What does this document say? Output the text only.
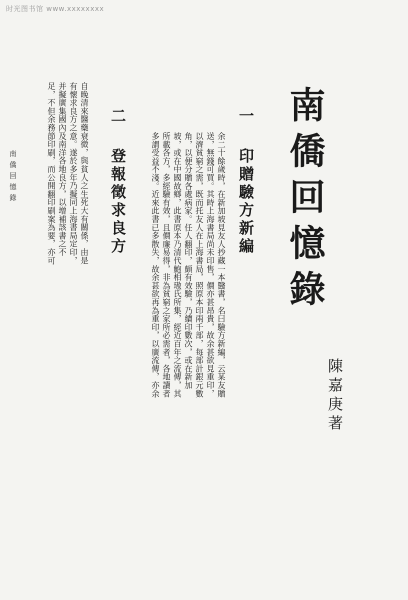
时光图书馆 www.xxxxxxxx
南僑回憶錄
陳嘉庚著
一
印贈驗方新編
余二十餘歲時，在新加坡見友人抄藏一本醫書，名曰驗方新編，云某友贈送，無錢可買。其時上海書局尚未印售，價亦甚昂貴，故余甚欲見重印，以濟貧窮之需，既而托友人在上海書局，照原本印兩千部，每部計銀元數角，以便分贈各處病家。任人翻印，頗有效驗，乃續印數次，或在新加坡，或在中國故鄉，此書原本乃清代鮑相璈氏所集，經近百年之流傳，其所載各方，多經驗有效，且價廉易得，非為貧窮之家所必需者，各地讀者多謂受益不淺。近來此書已多散失，故余甚欲再為重印，以廣流傳，亦余
二
登報徵求良方
自晚清來醫藥衰微，與貧人之生死大有關係，由是有懷求良方之意。遂於多年乃擬同上海書局定印，并擬廣集國內及南洋各地良方，以增補該書之不足，不但余務節印刷，而公開翻印刷案為要，亦可
南僑回憶錄
